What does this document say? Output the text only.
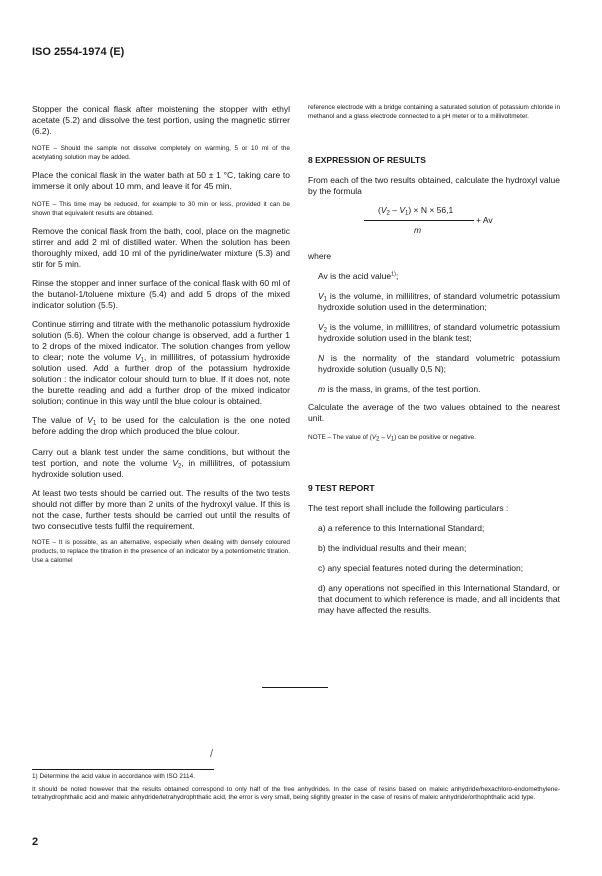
ISO 2554-1974 (E)

Stopper the conical flask after moistening the stopper with ethyl acetate (5.2) and dissolve the test portion, using the magnetic stirrer (6.2).

NOTE – Should the sample not dissolve completely on warming, 5 or 10 ml of the acetylating solution may be added.

Place the conical flask in the water bath at 50 ± 1 °C, taking care to immerse it only about 10 mm, and leave it for 45 min.

NOTE – This time may be reduced, for example to 30 min or less, provided it can be shown that equivalent results are obtained.

Remove the conical flask from the bath, cool, place on the magnetic stirrer and add 2 ml of distilled water. When the solution has been thoroughly mixed, add 10 ml of the pyridine/water mixture (5.3) and stir for 5 min.

Rinse the stopper and inner surface of the conical flask with 60 ml of the butanol-1/toluene mixture (5.4) and add 5 drops of the mixed indicator solution (5.5).

Continue stirring and titrate with the methanolic potassium hydroxide solution (5.6). When the colour change is observed, add a further 1 to 2 drops of the mixed indicator. The solution changes from yellow to clear; note the volume $V_1$, in millilitres, of potassium hydroxide solution used. Add a further drop of the potassium hydroxide solution : the indicator colour should turn to blue. If it does not, note the burette reading and add a further drop of the mixed indicator solution; continue in this way until the blue colour is obtained.

The value of $V_1$ to be used for the calculation is the one noted before adding the drop which produced the blue colour.

Carry out a blank test under the same conditions, but without the test portion, and note the volume $V_2$, in millilitres, of potassium hydroxide solution used.

At least two tests should be carried out. The results of the two tests should not differ by more than 2 units of the hydroxyl value. If this is not the case, further tests should be carried out until the results of two consecutive tests fulfil the requirement.

NOTE – It is possible, as an alternative, especially when dealing with densely coloured products, to replace the titration in the presence of an indicator by a potentiometric titration. Use a calomel

reference electrode with a bridge containing a saturated solution of potassium chloride in methanol and a glass electrode connected to a pH meter or to a millivoltmeter.

8 EXPRESSION OF RESULTS

From each of the two results obtained, calculate the hydroxyl value by the formula

$(V_2 - V_1) \times N \times 56,1$
+ Av
m

where

Av is the acid value$^{1)}$;

$V_1$ is the volume, in millilitres, of standard volumetric potassium hydroxide solution used in the determination;

$V_2$ is the volume, in millilitres, of standard volumetric potassium hydroxide solution used in the blank test;

N is the normality of the standard volumetric potassium hydroxide solution (usually 0,5 N);

m is the mass, in grams, of the test portion.

Calculate the average of the two values obtained to the nearest unit.

NOTE – The value of $(V_2 - V_1)$ can be positive or negative.

9 TEST REPORT

The test report shall include the following particulars :

a) a reference to this International Standard;

b) the individual results and their mean;

c) any special features noted during the determination;

d) any operations not specified in this International Standard, or that document to which reference is made, and all incidents that may have affected the results.

/

1) Determine the acid value in accordance with ISO 2114.

It should be noted however that the results obtained correspond to only half of the free anhydrides. In the case of resins based on maleic anhydride/hexachloro-endomethylene-tetrahydrophthalic acid and maleic anhydride/tetrahydrophthalic acid, the error is very small, being slightly greater in the case of resins of maleic anhydride/orthophthalic acid type.

2
